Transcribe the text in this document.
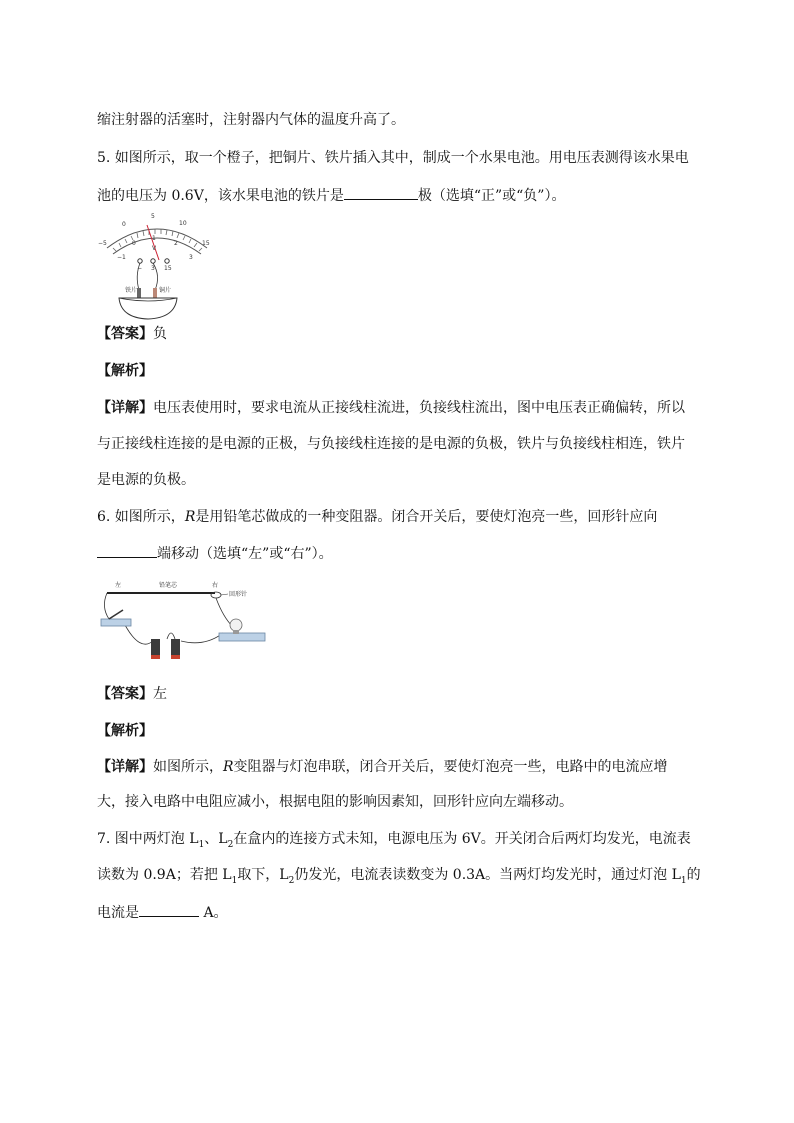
缩注射器的活塞时，注射器内气体的温度升高了。
5. 如图所示，取一个橙子，把铜片、铁片插入其中，制成一个水果电池。用电压表测得该水果电
池的电压为 0.6V，该水果电池的铁片是	极（选填“正”或“负”）。
−5
0
5
10
15
−1
0
1
2
3
V
− 3 15
铁片	铜片
【答案】负
【解析】
【详解】电压表使用时，要求电流从正接线柱流进，负接线柱流出，图中电压表正确偏转，所以
与正接线柱连接的是电源的正极，与负接线柱连接的是电源的负极，铁片与负接线柱相连，铁片
是电源的负极。
6. 如图所示，R是用铅笔芯做成的一种变阻器。闭合开关后，要使灯泡亮一些，回形针应向
端移动（选填“左”或“右”）。
左	铅笔芯	右
回形针
【答案】左
【解析】
【详解】如图所示，R变阻器与灯泡串联，闭合开关后，要使灯泡亮一些，电路中的电流应增
大，接入电路中电阻应减小，根据电阻的影响因素知，回形针应向左端移动。
7. 图中两灯泡 $L_1$、$L_2$在盒内的连接方式未知，电源电压为 6V。开关闭合后两灯均发光，电流表
读数为 0.9A；若把 $L_1$取下，$L_2$仍发光，电流表读数变为 0.3A。当两灯均发光时，通过灯泡 $L_1$的
电流是	A。
